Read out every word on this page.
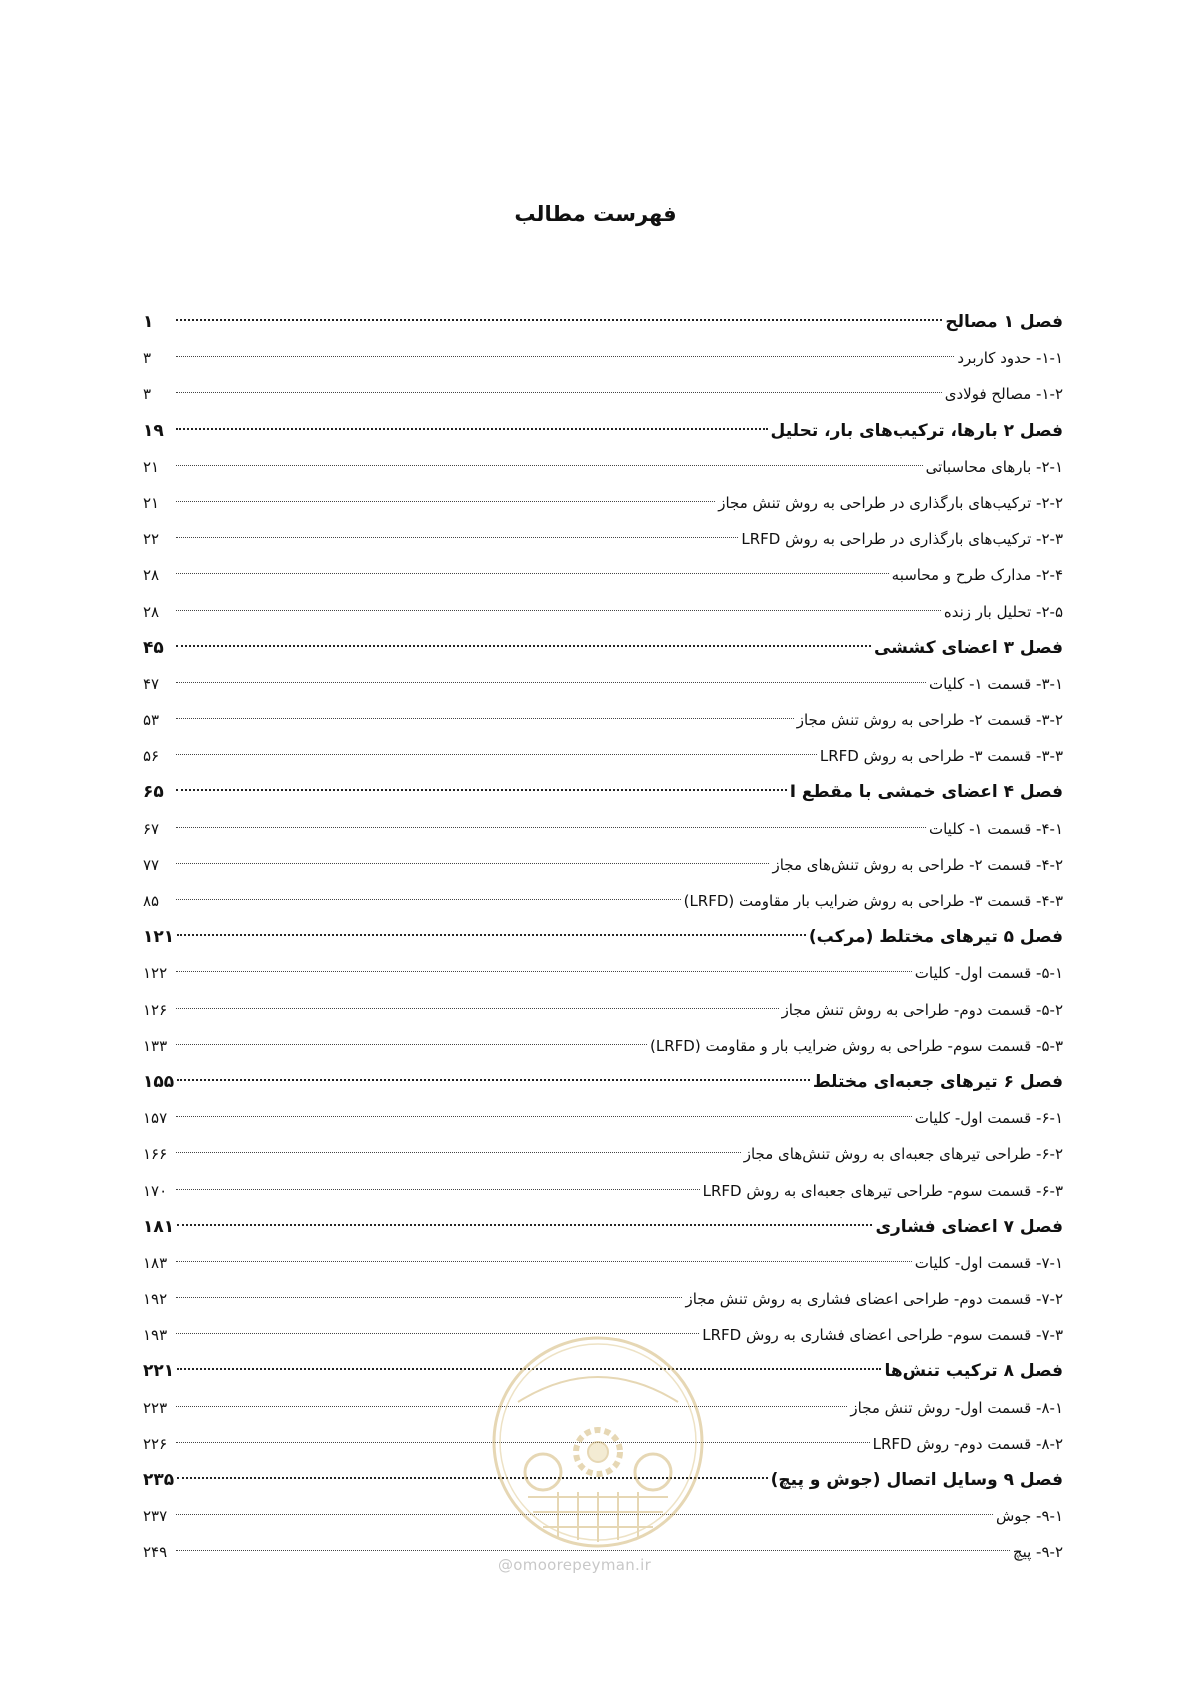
فهرست مطالب
فصل ۱ مصالح
۱
۱-۱- حدود کاربرد
۳
۱-۲- مصالح فولادی
۳
فصل ۲ بارها، ترکیب‌های بار، تحلیل
۱۹
۲-۱- بارهای محاسباتی
۲۱
۲-۲- ترکیب‌های بارگذاری در طراحی به روش تنش مجاز
۲۱
۲-۳- ترکیب‌های بارگذاری در طراحی به روش LRFD
۲۲
۲-۴- مدارک طرح و محاسبه
۲۸
۲-۵- تحلیل بار زنده
۲۸
فصل ۳ اعضای کششی
۴۵
۳-۱- قسمت ۱- کلیات
۴۷
۳-۲- قسمت ۲- طراحی به روش تنش مجاز
۵۳
۳-۳- قسمت ۳- طراحی به روش LRFD
۵۶
فصل ۴ اعضای خمشی با مقطع I
۶۵
۴-۱- قسمت ۱- کلیات
۶۷
۴-۲- قسمت ۲- طراحی به روش تنش‌های مجاز
۷۷
۴-۳- قسمت ۳- طراحی به روش ضرایب بار مقاومت (LRFD)
۸۵
فصل ۵ تیرهای مختلط (مرکب)
۱۲۱
۵-۱- قسمت اول- کلیات
۱۲۲
۵-۲- قسمت دوم- طراحی به روش تنش مجاز
۱۲۶
۵-۳- قسمت سوم- طراحی به روش ضرایب بار و مقاومت (LRFD)
۱۳۳
فصل ۶ تیرهای جعبه‌ای مختلط
۱۵۵
۶-۱- قسمت اول- کلیات
۱۵۷
۶-۲- طراحی تیرهای جعبه‌ای به روش تنش‌های مجاز
۱۶۶
۶-۳- قسمت سوم- طراحی تیرهای جعبه‌ای به روش LRFD
۱۷۰
فصل ۷ اعضای فشاری
۱۸۱
۷-۱- قسمت اول- کلیات
۱۸۳
۷-۲- قسمت دوم- طراحی اعضای فشاری به روش تنش مجاز
۱۹۲
۷-۳- قسمت سوم- طراحی اعضای فشاری به روش LRFD
۱۹۳
فصل ۸ ترکیب تنش‌ها
۲۲۱
۸-۱- قسمت اول- روش تنش مجاز
۲۲۳
۸-۲- قسمت دوم- روش LRFD
۲۲۶
فصل ۹ وسایل اتصال (جوش و پیچ)
۲۳۵
۹-۱- جوش
۲۳۷
۹-۲- پیچ
۲۴۹
@omoorepeyman.ir
